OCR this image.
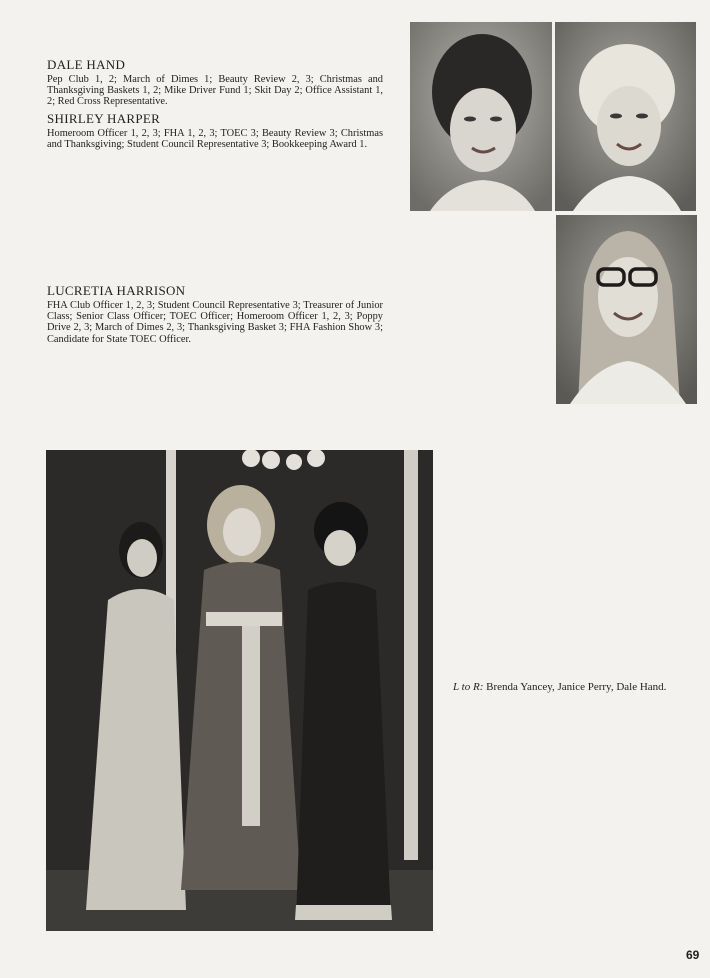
DALE HAND

Pep Club 1, 2; March of Dimes 1; Beauty Review 2, 3; Christmas and Thanksgiving Baskets 1, 2; Mike Driver Fund 1; Skit Day 2; Office Assistant 1, 2; Red Cross Representative.

SHIRLEY HARPER

Homeroom Officer 1, 2, 3; FHA 1, 2, 3; TOEC 3; Beauty Review 3; Christmas and Thanksgiving; Student Council Representative 3; Bookkeeping Award 1.

LUCRETIA HARRISON

FHA Club Officer 1, 2, 3; Student Council Representative 3; Treasurer of Junior Class; Senior Class Officer; TOEC Officer; Homeroom Officer 1, 2, 3; Poppy Drive 2, 3; March of Dimes 2, 3; Thanksgiving Basket 3; FHA Fashion Show 3; Candidate for State TOEC Officer.

L to R: Brenda Yancey, Janice Perry, Dale Hand.
69
